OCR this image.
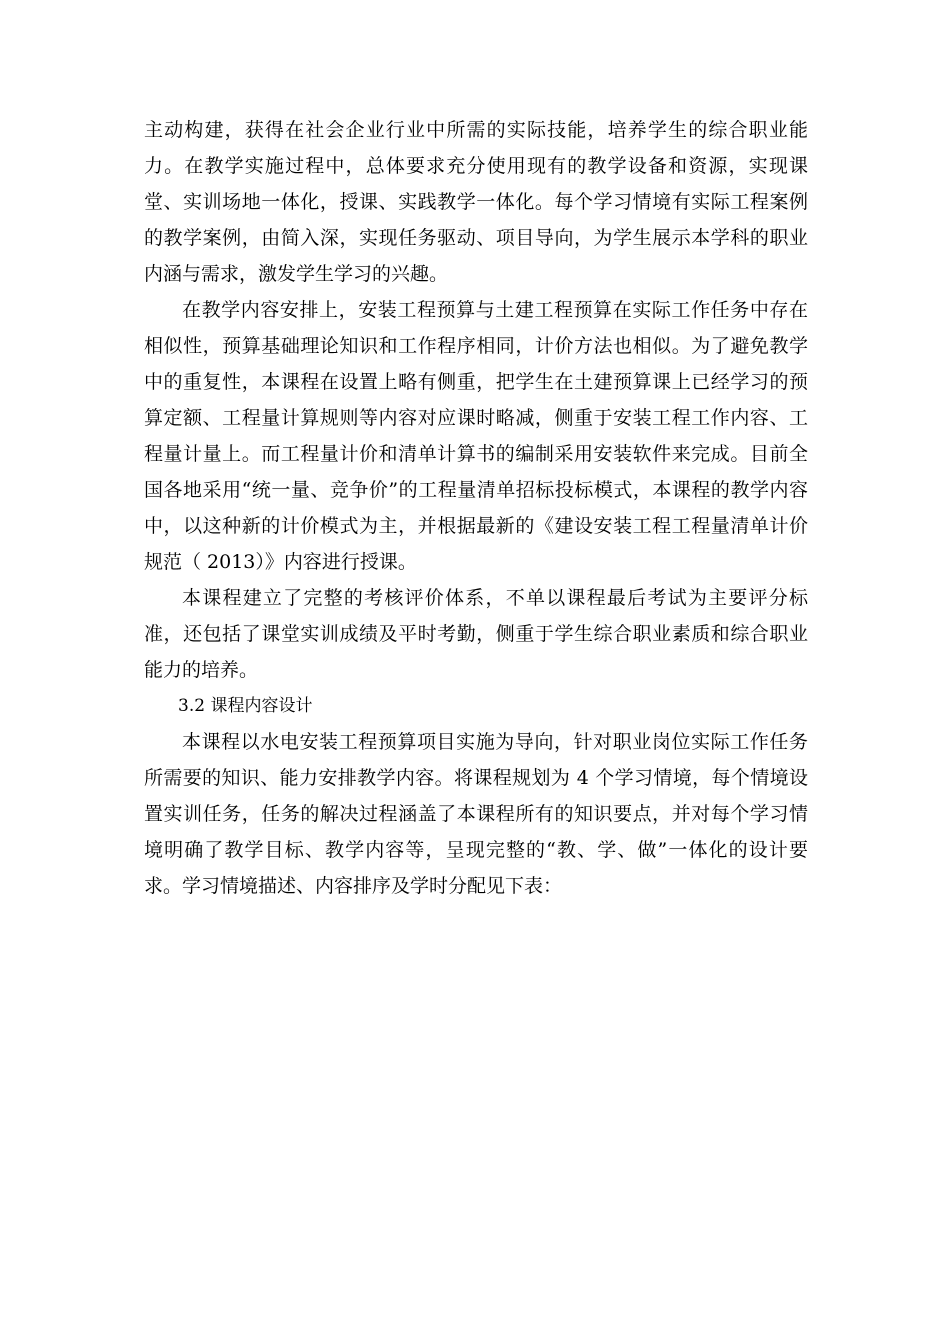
主动构建，获得在社会企业行业中所需的实际技能，培养学生的综合职业能力。在教学实施过程中，总体要求充分使用现有的教学设备和资源，实现课堂、实训场地一体化，授课、实践教学一体化。每个学习情境有实际工程案例的教学案例，由简入深，实现任务驱动、项目导向，为学生展示本学科的职业内涵与需求，激发学生学习的兴趣。

在教学内容安排上，安装工程预算与土建工程预算在实际工作任务中存在相似性，预算基础理论知识和工作程序相同，计价方法也相似。为了避免教学中的重复性，本课程在设置上略有侧重，把学生在土建预算课上已经学习的预算定额、工程量计算规则等内容对应课时略减，侧重于安装工程工作内容、工程量计量上。而工程量计价和清单计算书的编制采用安装软件来完成。目前全国各地采用“统一量、竞争价”的工程量清单招标投标模式，本课程的教学内容中，以这种新的计价模式为主，并根据最新的《建设安装工程工程量清单计价规范（ 2013）》内容进行授课。

本课程建立了完整的考核评价体系，不单以课程最后考试为主要评分标准，还包括了课堂实训成绩及平时考勤，侧重于学生综合职业素质和综合职业能力的培养。

3.2 课程内容设计

本课程以水电安装工程预算项目实施为导向，针对职业岗位实际工作任务所需要的知识、能力安排教学内容。将课程规划为 4 个学习情境，每个情境设置实训任务，任务的解决过程涵盖了本课程所有的知识要点，并对每个学习情境明确了教学目标、教学内容等，呈现完整的“教、学、做”一体化的设计要求。学习情境描述、内容排序及学时分配见下表：
